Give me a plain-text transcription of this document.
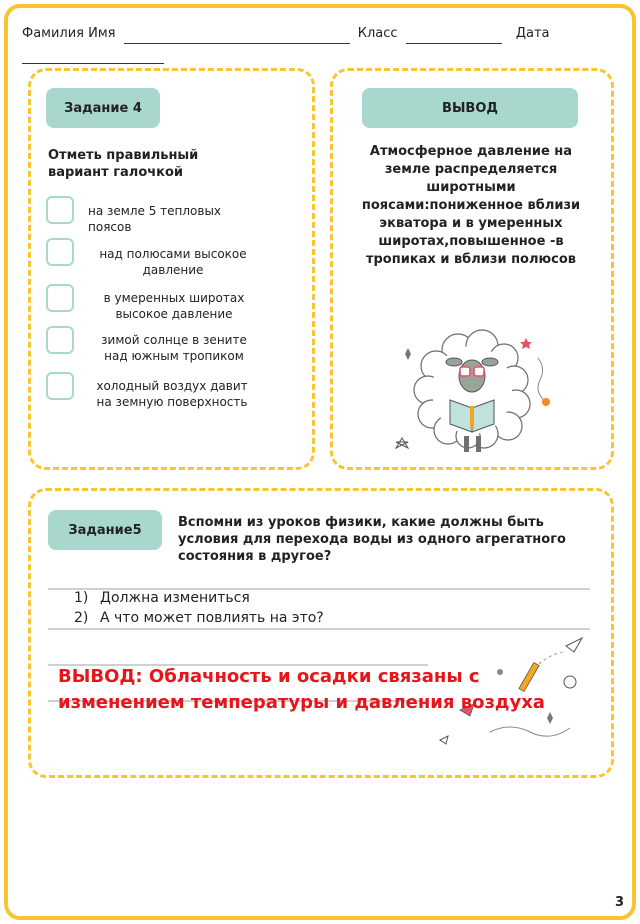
Фамилия Имя	Класс	Дата

Задание 4
Отметь правильный вариант галочкой
на земле 5 тепловых поясов
над полюсами высокое давление
в умеренных широтах высокое давление
зимой солнце в зените над южным тропиком
холодный воздух давит на земную поверхность
ВЫВОД
Атмосферное давление на земле распределяется широтными поясами:пониженное вблизи экватора и в умеренных широтах,повышенное -в тропиках и вблизи полюсов
Задание5	Вспомни из уроков физики, какие должны быть условия для перехода воды из одного агрегатного состояния в другое?
1) Должна измениться
2) А что может повлиять на это?
ВЫВОД: Облачность и осадки связаны с изменением температуры и давления воздуха
3
